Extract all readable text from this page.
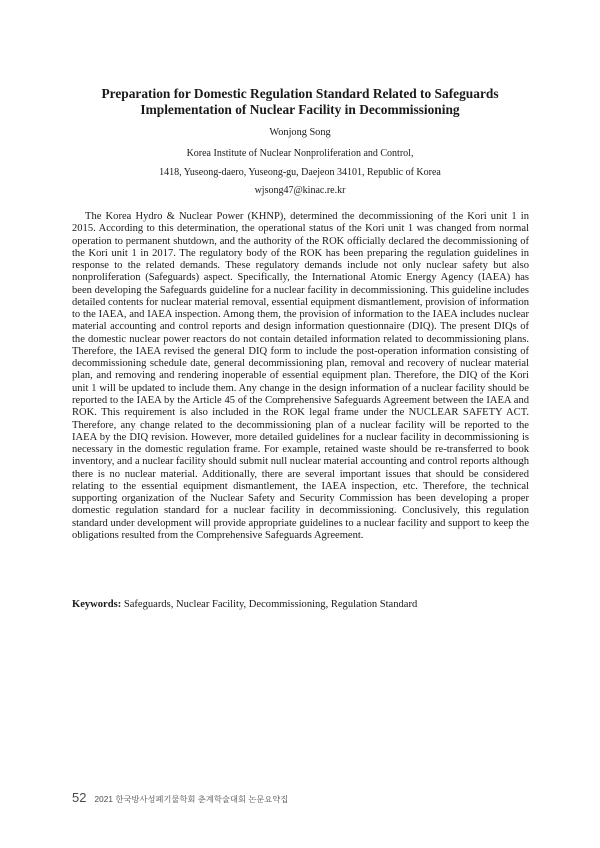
Preparation for Domestic Regulation Standard Related to Safeguards
Implementation of Nuclear Facility in Decommissioning
Wonjong Song
Korea Institute of Nuclear Nonproliferation and Control,
1418, Yuseong-daero, Yuseong-gu, Daejeon 34101, Republic of Korea
wjsong47@kinac.re.kr

The Korea Hydro & Nuclear Power (KHNP), determined the decommissioning of the Kori unit 1 in 2015. According to this determination, the operational status of the Kori unit 1 was changed from normal operation to permanent shutdown, and the authority of the ROK officially declared the decommissioning of the Kori unit 1 in 2017. The regulatory body of the ROK has been preparing the regulation guidelines in response to the related demands. These regulatory demands include not only nuclear safety but also nonproliferation (Safeguards) aspect. Specifically, the International Atomic Energy Agency (IAEA) has been developing the Safeguards guideline for a nuclear facility in decommissioning. This guideline includes detailed contents for nuclear material removal, essential equipment dismantlement, provision of information to the IAEA, and IAEA inspection. Among them, the provision of information to the IAEA includes nuclear material accounting and control reports and design information questionnaire (DIQ). The present DIQs of the domestic nuclear power reactors do not contain detailed information related to decommissioning plans. Therefore, the IAEA revised the general DIQ form to include the post-operation information consisting of decommissioning schedule date, general decommissioning plan, removal and recovery of nuclear material plan, and removing and rendering inoperable of essential equipment plan. Therefore, the DIQ of the Kori unit 1 will be updated to include them. Any change in the design information of a nuclear facility should be reported to the IAEA by the Article 45 of the Comprehensive Safeguards Agreement between the IAEA and ROK. This requirement is also included in the ROK legal frame under the NUCLEAR SAFETY ACT. Therefore, any change related to the decommissioning plan of a nuclear facility will be reported to the IAEA by the DIQ revision. However, more detailed guidelines for a nuclear facility in decommissioning is necessary in the domestic regulation frame. For example, retained waste should be re-transferred to book inventory, and a nuclear facility should submit null nuclear material accounting and control reports although there is no nuclear material. Additionally, there are several important issues that should be considered relating to the essential equipment dismantlement, the IAEA inspection, etc. Therefore, the technical supporting organization of the Nuclear Safety and Security Commission has been developing a proper domestic regulation standard for a nuclear facility in decommissioning. Conclusively, this regulation standard under development will provide appropriate guidelines to a nuclear facility and support to keep the obligations resulted from the Comprehensive Safeguards Agreement.

Keywords: Safeguards, Nuclear Facility, Decommissioning, Regulation Standard
52 2021 한국방사성폐기물학회 춘계학술대회 논문요약집
